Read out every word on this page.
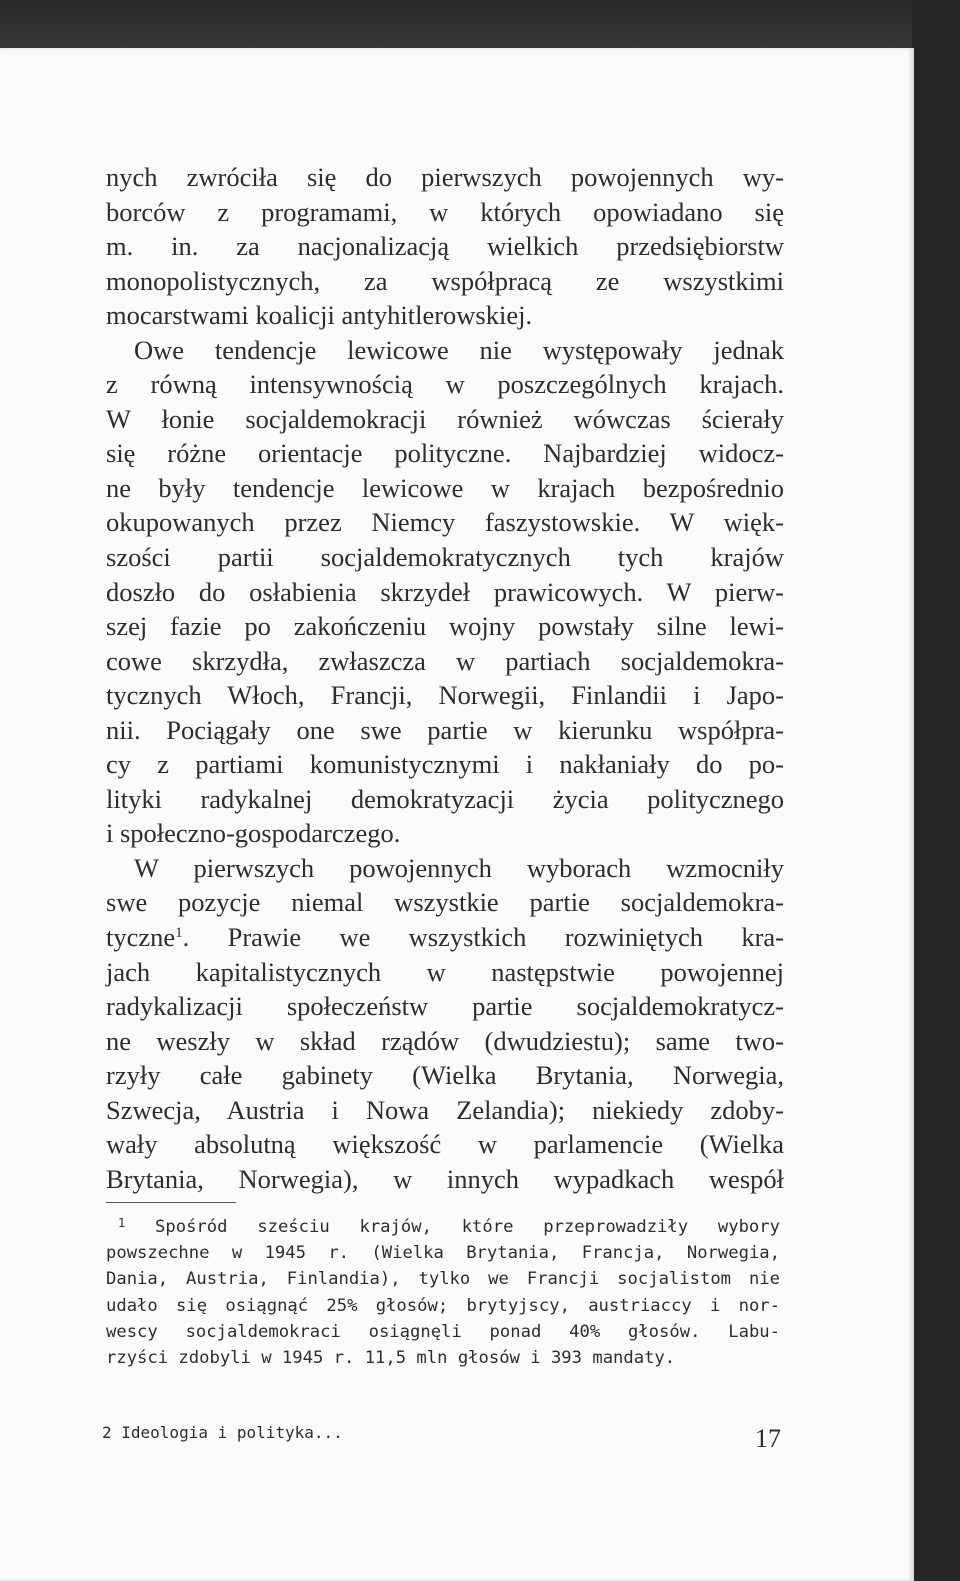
nych zwróciła się do pierwszych powojennych wy-
borców z programami, w których opowiadano się
m. in. za nacjonalizacją wielkich przedsiębiorstw
monopolistycznych, za współpracą ze wszystkimi
mocarstwami koalicji antyhitlerowskiej.
Owe tendencje lewicowe nie występowały jednak
z równą intensywnością w poszczególnych krajach.
W łonie socjaldemokracji również wówczas ścierały
się różne orientacje polityczne. Najbardziej widocz-
ne były tendencje lewicowe w krajach bezpośrednio
okupowanych przez Niemcy faszystowskie. W więk-
szości partii socjaldemokratycznych tych krajów
doszło do osłabienia skrzydeł prawicowych. W pierw-
szej fazie po zakończeniu wojny powstały silne lewi-
cowe skrzydła, zwłaszcza w partiach socjaldemokra-
tycznych Włoch, Francji, Norwegii, Finlandii i Japo-
nii. Pociągały one swe partie w kierunku współpra-
cy z partiami komunistycznymi i nakłaniały do po-
lityki radykalnej demokratyzacji życia politycznego
i społeczno-gospodarczego.
W pierwszych powojennych wyborach wzmocniły
swe pozycje niemal wszystkie partie socjaldemokra-
tyczne$^1$. Prawie we wszystkich rozwiniętych kra-
jach kapitalistycznych w następstwie powojennej
radykalizacji społeczeństw partie socjaldemokratycz-
ne weszły w skład rządów (dwudziestu); same two-
rzyły całe gabinety (Wielka Brytania, Norwegia,
Szwecja, Austria i Nowa Zelandia); niekiedy zdoby-
wały absolutną większość w parlamencie (Wielka
Brytania, Norwegia), w innych wypadkach wespół
$^1$ Spośród sześciu krajów, które przeprowadziły wybory
powszechne w 1945 r. (Wielka Brytania, Francja, Norwegia,
Dania, Austria, Finlandia), tylko we Francji socjalistom nie
udało się osiągnąć 25% głosów; brytyjscy, austriaccy i nor-
wescy socjaldemokraci osiągnęli ponad 40% głosów. Labu-
rzyści zdobyli w 1945 r. 11,5 mln głosów i 393 mandaty.
2 Ideologia i polityka...	17
